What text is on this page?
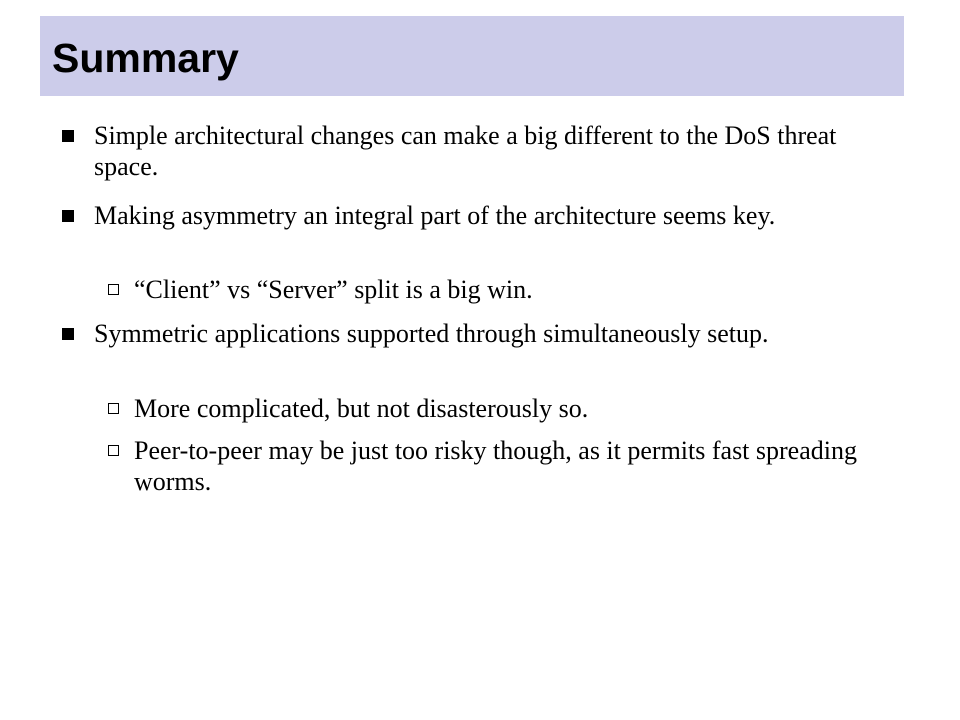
Summary
Simple architectural changes can make a big different to the DoS threat space.
Making asymmetry an integral part of the architecture seems key.
“Client” vs “Server” split is a big win.
Symmetric applications supported through simultaneously setup.
More complicated, but not disasterously so.
Peer-to-peer may be just too risky though, as it permits fast spreading worms.
